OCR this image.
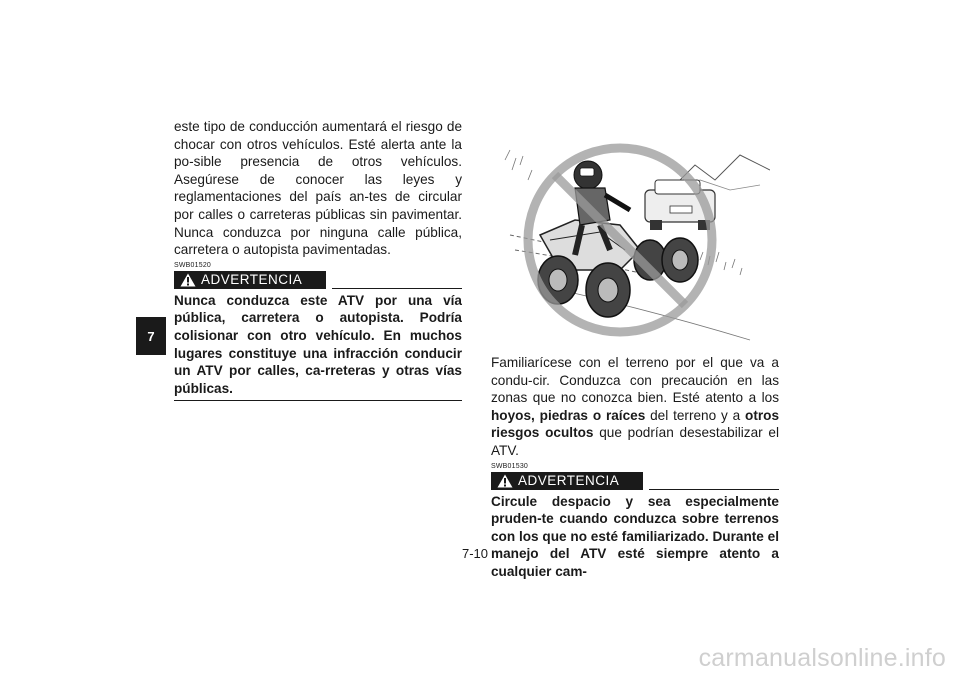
7

este tipo de conducción aumentará el riesgo de chocar con otros vehículos. Esté alerta ante la po-sible presencia de otros vehículos. Asegúrese de conocer las leyes y reglamentaciones del país an-tes de circular por calles o carreteras públicas sin pavimentar. Nunca conduzca por ninguna calle pública, carretera o autopista pavimentadas.

SWB01520
ADVERTENCIA

Nunca conduzca este ATV por una vía pública, carretera o autopista. Podría colisionar con otro vehículo. En muchos lugares constituye una infracción conducir un ATV por calles, ca-rreteras y otras vías públicas.

Familiarícese con el terreno por el que va a condu-cir. Conduzca con precaución en las zonas que no conozca bien. Esté atento a los hoyos, piedras o raíces del terreno y a otros riesgos ocultos que podrían desestabilizar el ATV.

SWB01530
ADVERTENCIA

Circule despacio y sea especialmente pruden-te cuando conduzca sobre terrenos con los que no esté familiarizado. Durante el manejo del ATV esté siempre atento a cualquier cam-

7-10
carmanualsonline.info
